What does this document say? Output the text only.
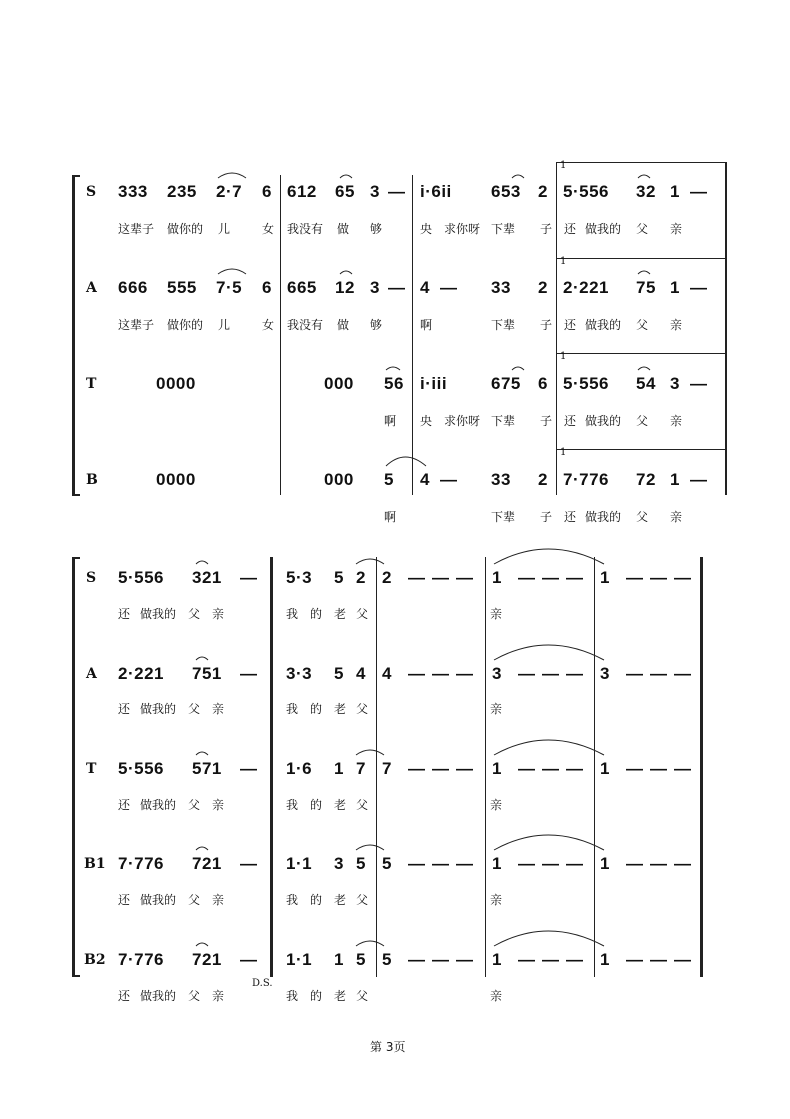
1
1
1
1
S 333 235 2·7 6 612 65 3 — i·6ii 653 2 5·556 32 1 —
这辈子 做你的 儿	女 我没有 做 够	央 求你呀 下辈 子 还 做我的 父 亲
A 666 555 7·5 6 665 12 3 — 4 — 33 2 2·221 75 1 —
这辈子 做你的 儿	女 我没有 做 够	啊	下辈 子 还 做我的 父 亲
T	0000	000 56 i·iii	675 6 5·556 54 3 —
啊 央 求你呀 下辈 子 还 做我的 父 亲
B	0000	000 5 4 — 33 2 7·776 72 1 —
啊	下辈 子 还 做我的 父 亲
D.S.
S 5·556 321 — 5·3 5 2 2 — — — 1 — — — 1 — — —
还 做我的 父 亲	我 的 老 父	亲
A 2·221 751 — 3·3 5 4 4 — — — 3 — — — 3 — — —
还 做我的 父 亲	我 的 老 父	亲
T 5·556 571 — 1·6 1 7 7 — — — 1 — — — 1 — — —
还 做我的 父 亲	我 的 老 父	亲
B1 7·776 721 — 1·1 3 5 5 — — — 1 — — — 1 — — —
还 做我的 父 亲	我 的 老 父	亲
B2 7·776 721 — 1·1 1 5 5 — — — 1 — — — 1 — — —
还 做我的 父 亲	我 的 老 父	亲
第 3页
